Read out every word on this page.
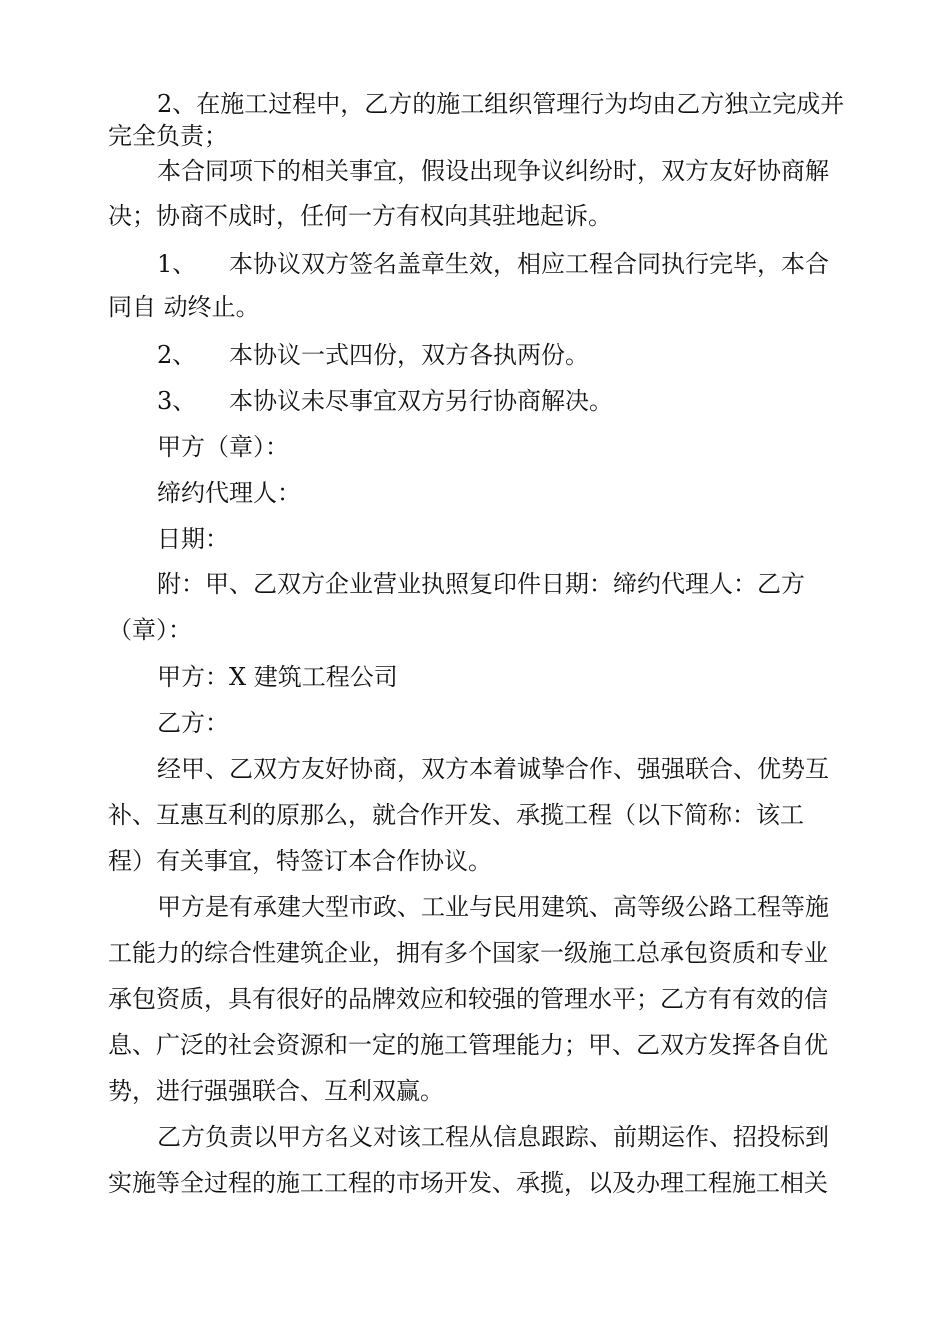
2、在施工过程中，乙方的施工组织管理行为均由乙方独立完成并
完全负责；
本合同项下的相关事宜，假设出现争议纠纷时，双方友好协商解
决；协商不成时，任何一方有权向其驻地起诉。
1、 本协议双方签名盖章生效，相应工程合同执行完毕，本合
同自 动终止。
2、 本协议一式四份，双方各执两份。
3、 本协议未尽事宜双方另行协商解决。
甲方（章）：
缔约代理人：
日期：
附：甲、乙双方企业营业执照复印件日期：缔约代理人：乙方
（章）：
甲方：X 建筑工程公司
乙方：
经甲、乙双方友好协商，双方本着诚挚合作、强强联合、优势互
补、互惠互利的原那么，就合作开发、承揽工程（以下简称：该工
程）有关事宜，特签订本合作协议。
甲方是有承建大型市政、工业与民用建筑、高等级公路工程等施
工能力的综合性建筑企业，拥有多个国家一级施工总承包资质和专业
承包资质，具有很好的品牌效应和较强的管理水平；乙方有有效的信
息、广泛的社会资源和一定的施工管理能力；甲、乙双方发挥各自优
势，进行强强联合、互利双赢。
乙方负责以甲方名义对该工程从信息跟踪、前期运作、招投标到
实施等全过程的施工工程的市场开发、承揽，以及办理工程施工相关
